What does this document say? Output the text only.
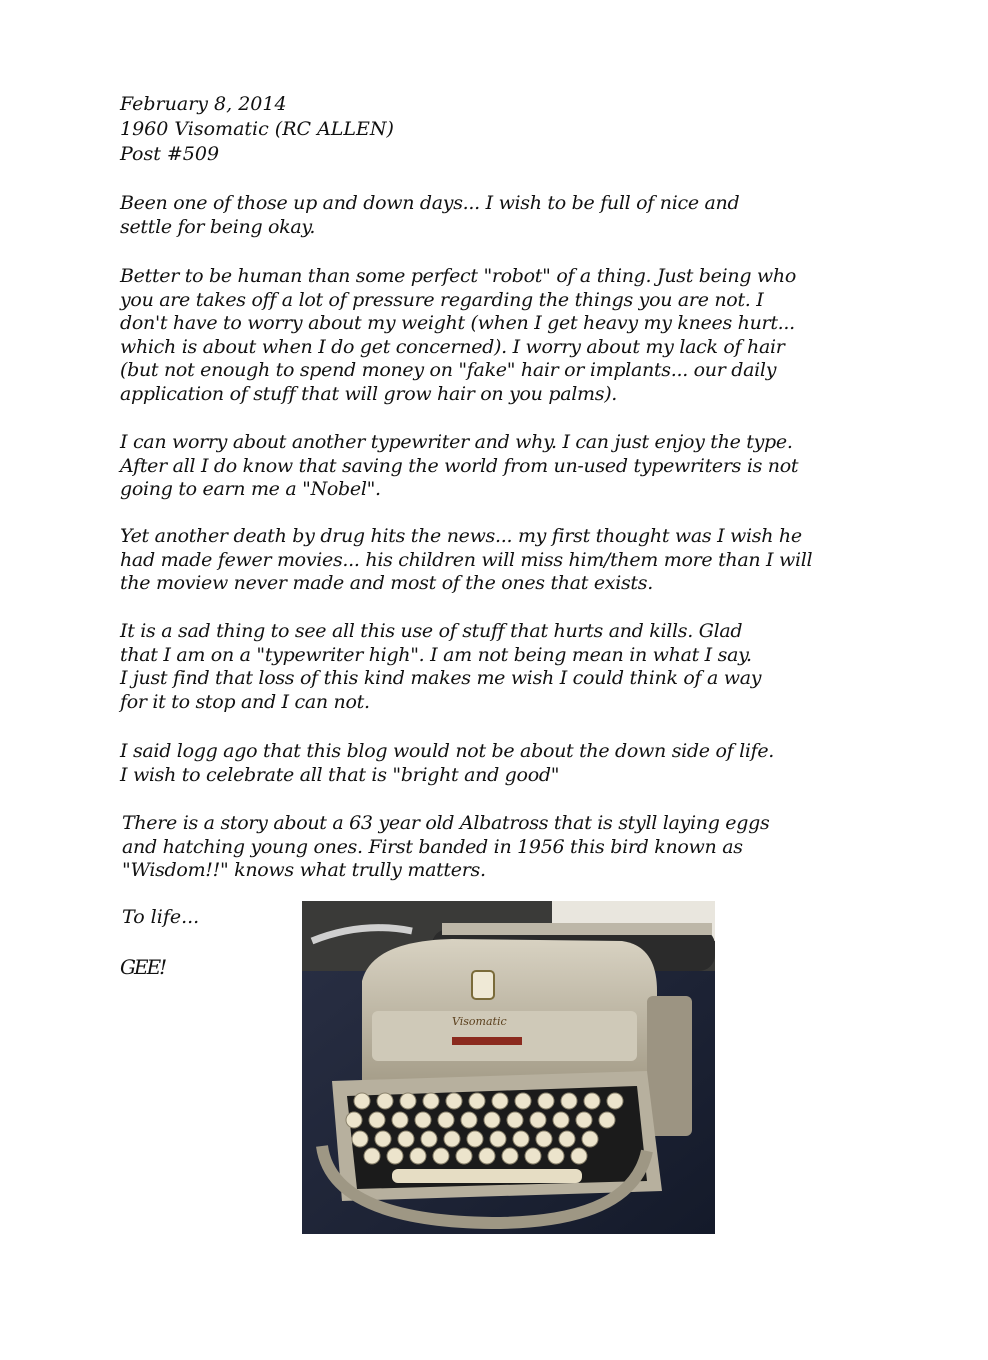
February 8, 2014
1960 Visomatic (RC ALLEN)
Post #509
Been one of those up and down days... I wish to be full of nice and
settle for being okay.
Better to be human than some perfect "robot" of a thing. Just being who
you are takes off a lot of pressure regarding the things you are not. I
don't have to worry about my weight (when I get heavy my knees hurt...
which is about when I do get concerned). I worry about my lack of hair
(but not enough to spend money on "fake" hair or implants... our daily
application of stuff that will grow hair on you palms).
I can worry about another typewriter and why. I can just enjoy the type.
After all I do know that saving the world from un-used typewriters is not
going to earn me a "Nobel".
Yet another death by drug hits the news... my first thought was I wish he
had made fewer movies... his children will miss him/them more than I will
the moview never made and most of the ones that exists.
It is a sad thing to see all this use of stuff that hurts and kills. Glad
that I am on a "typewriter high". I am not being mean in what I say.
I just find that loss of this kind makes me wish I could think of a way
for it to stop and I can not.
I said logg ago that this blog would not be about the down side of life.
I wish to celebrate all that is "bright and good"
There is a story about a 63 year old Albatross that is styll laying eggs
and hatching young ones. First banded in 1956 this bird known as
"Wisdom!!" knows what trully matters.
To life...
GEE!
Visomatic
